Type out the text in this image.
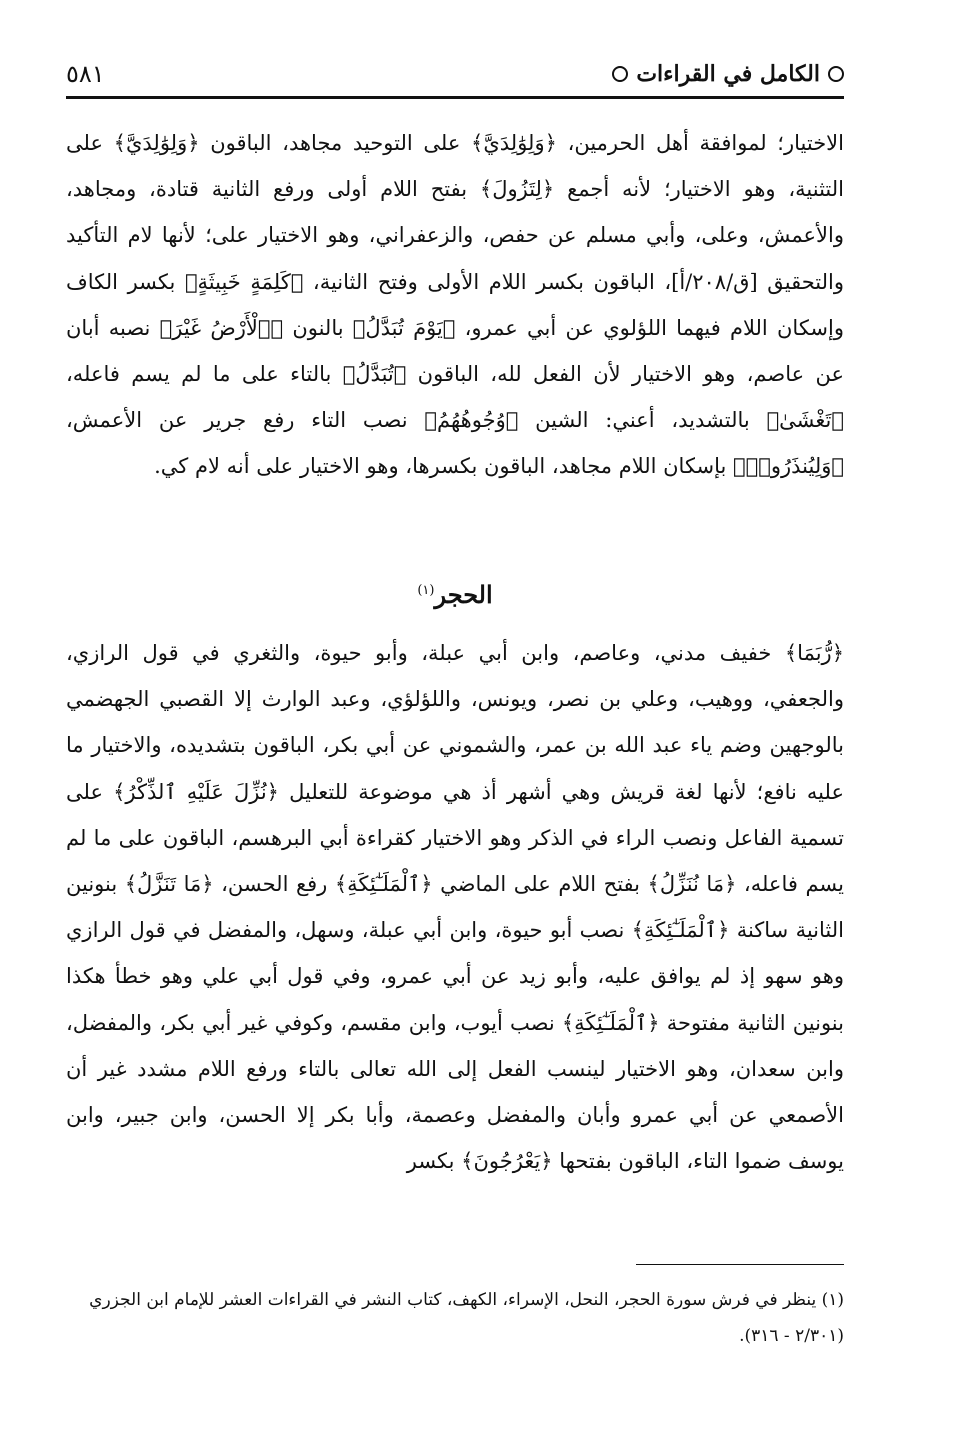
الكامل في القراءات
٥٨١

الاختيار؛ لموافقة أهل الحرمين، ﴿وَلِوَٰلِدَيَّ﴾ على التوحيد مجاهد، الباقون ﴿وَلِوَٰلِدَيَّ﴾ على التثنية، وهو الاختيار؛ لأنه أجمع ﴿لِتَزُولَ﴾ بفتح اللام أولى ورفع الثانية قتادة، ومجاهد، والأعمش، وعلى، وأبي مسلم عن حفص، والزعفراني، وهو الاختيار على؛ لأنها لام التأكيد والتحقيق [ق/٢٠٨/أ]، الباقون بكسر اللام الأولى وفتح الثانية، ﴿كَلِمَةٍ خَبِيثَةٍ﴾ بكسر الكاف وإسكان اللام فيهما اللؤلوي عن أبي عمرو، ﴿يَوْمَ تُبَدَّلُ﴾ بالنون ﴿ٱلْأَرْضُ غَيْرَ﴾ نصبه أبان عن عاصم، وهو الاختيار لأن الفعل لله، الباقون ﴿تُبَدَّلُ﴾ بالتاء على ما لم يسم فاعله، ﴿تَغْشَىٰ﴾ بالتشديد، أعني: الشين ﴿وُجُوهُهُمُ﴾ نصب التاء رفع جرير عن الأعمش، ﴿وَلِيُنذَرُوا۟﴾ بإسكان اللام مجاهد، الباقون بكسرها، وهو الاختيار على أنه لام كي.

الحجر$^{(١)}$

﴿رُّبَمَا﴾ خفيف مدني، وعاصم، وابن أبي عبلة، وأبو حيوة، والثغري في قول الرازي، والجعفي، ووهيب، وعلي بن نصر، ويونس، واللؤلؤي، وعبد الوارث إلا القصبي الجهضمي بالوجهين وضم ياء عبد الله بن عمر، والشموني عن أبي بكر، الباقون بتشديده، والاختيار ما عليه نافع؛ لأنها لغة قريش وهي أشهر أذ هي موضوعة للتعليل ﴿نُزِّلَ عَلَيْهِ ٱلذِّكْرُ﴾ على تسمية الفاعل ونصب الراء في الذكر وهو الاختيار كقراءة أبي البرهسم، الباقون على ما لم يسم فاعله، ﴿مَا نُنَزِّلُ﴾ بفتح اللام على الماضي ﴿ٱلْمَلَـٰٓئِكَةِ﴾ رفع الحسن، ﴿مَا تَنَزَّلُ﴾ بنونين الثانية ساكنة ﴿ٱلْمَلَـٰٓئِكَةِ﴾ نصب أبو حيوة، وابن أبي عبلة، وسهل، والمفضل في قول الرازي وهو سهو إذ لم يوافق عليه، وأبو زيد عن أبي عمرو، وفي قول أبي علي وهو خطأ هكذا بنونين الثانية مفتوحة ﴿ٱلْمَلَـٰٓئِكَةِ﴾ نصب أيوب، وابن مقسم، وكوفي غير أبي بكر، والمفضل، وابن سعدان، وهو الاختيار لينسب الفعل إلى الله تعالى بالتاء ورفع اللام مشدد غير أن الأصمعي عن أبي عمرو وأبان والمفضل وعصمة، وأبا بكر إلا الحسن، وابن جبير، وابن يوسف ضموا التاء، الباقون بفتحها ﴿يَعْرُجُونَ﴾ بكسر

(١) ينظر في فرش سورة الحجر، النحل، الإسراء، الكهف، كتاب النشر في القراءات العشر للإمام ابن الجزري
(٢/٣٠١ - ٣١٦).
